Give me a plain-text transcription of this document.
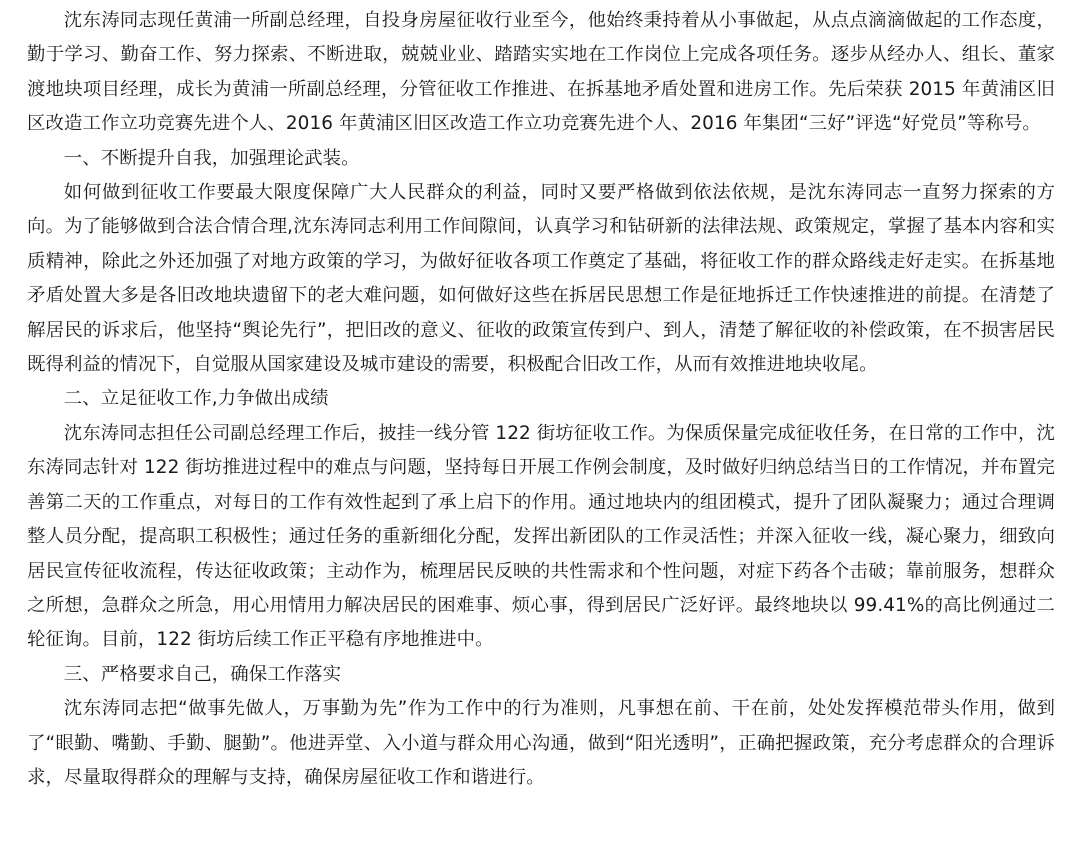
沈东涛同志现任黄浦一所副总经理，自投身房屋征收行业至今，他始终秉持着从小事做起，从点点滴滴做起的工作态度，勤于学习、勤奋工作、努力探索、不断进取，兢兢业业、踏踏实实地在工作岗位上完成各项任务。逐步从经办人、组长、董家渡地块项目经理，成长为黄浦一所副总经理，分管征收工作推进、在拆基地矛盾处置和进房工作。先后荣获 2015 年黄浦区旧区改造工作立功竞赛先进个人、2016 年黄浦区旧区改造工作立功竞赛先进个人、2016 年集团“三好”评选“好党员”等称号。

一、不断提升自我，加强理论武装。

如何做到征收工作要最大限度保障广大人民群众的利益，同时又要严格做到依法依规，是沈东涛同志一直努力探索的方向。为了能够做到合法合情合理,沈东涛同志利用工作间隙间，认真学习和钻研新的法律法规、政策规定，掌握了基本内容和实质精神，除此之外还加强了对地方政策的学习，为做好征收各项工作奠定了基础，将征收工作的群众路线走好走实。在拆基地矛盾处置大多是各旧改地块遗留下的老大难问题，如何做好这些在拆居民思想工作是征地拆迁工作快速推进的前提。在清楚了解居民的诉求后，他坚持“舆论先行”，把旧改的意义、征收的政策宣传到户、到人，清楚了解征收的补偿政策，在不损害居民既得利益的情况下，自觉服从国家建设及城市建设的需要，积极配合旧改工作，从而有效推进地块收尾。

二、立足征收工作,力争做出成绩

沈东涛同志担任公司副总经理工作后，披挂一线分管 122 街坊征收工作。为保质保量完成征收任务，在日常的工作中，沈东涛同志针对 122 街坊推进过程中的难点与问题，坚持每日开展工作例会制度，及时做好归纳总结当日的工作情况，并布置完善第二天的工作重点，对每日的工作有效性起到了承上启下的作用。通过地块内的组团模式，提升了团队凝聚力；通过合理调整人员分配，提高职工积极性；通过任务的重新细化分配，发挥出新团队的工作灵活性；并深入征收一线，凝心聚力，细致向居民宣传征收流程，传达征收政策；主动作为，梳理居民反映的共性需求和个性问题，对症下药各个击破；靠前服务，想群众之所想，急群众之所急，用心用情用力解决居民的困难事、烦心事，得到居民广泛好评。最终地块以 99.41%的高比例通过二轮征询。目前，122 街坊后续工作正平稳有序地推进中。

三、严格要求自己，确保工作落实

沈东涛同志把“做事先做人，万事勤为先”作为工作中的行为准则，凡事想在前、干在前，处处发挥模范带头作用，做到了“眼勤、嘴勤、手勤、腿勤”。他进弄堂、入小道与群众用心沟通，做到“阳光透明”，正确把握政策，充分考虑群众的合理诉求，尽量取得群众的理解与支持，确保房屋征收工作和谐进行。
